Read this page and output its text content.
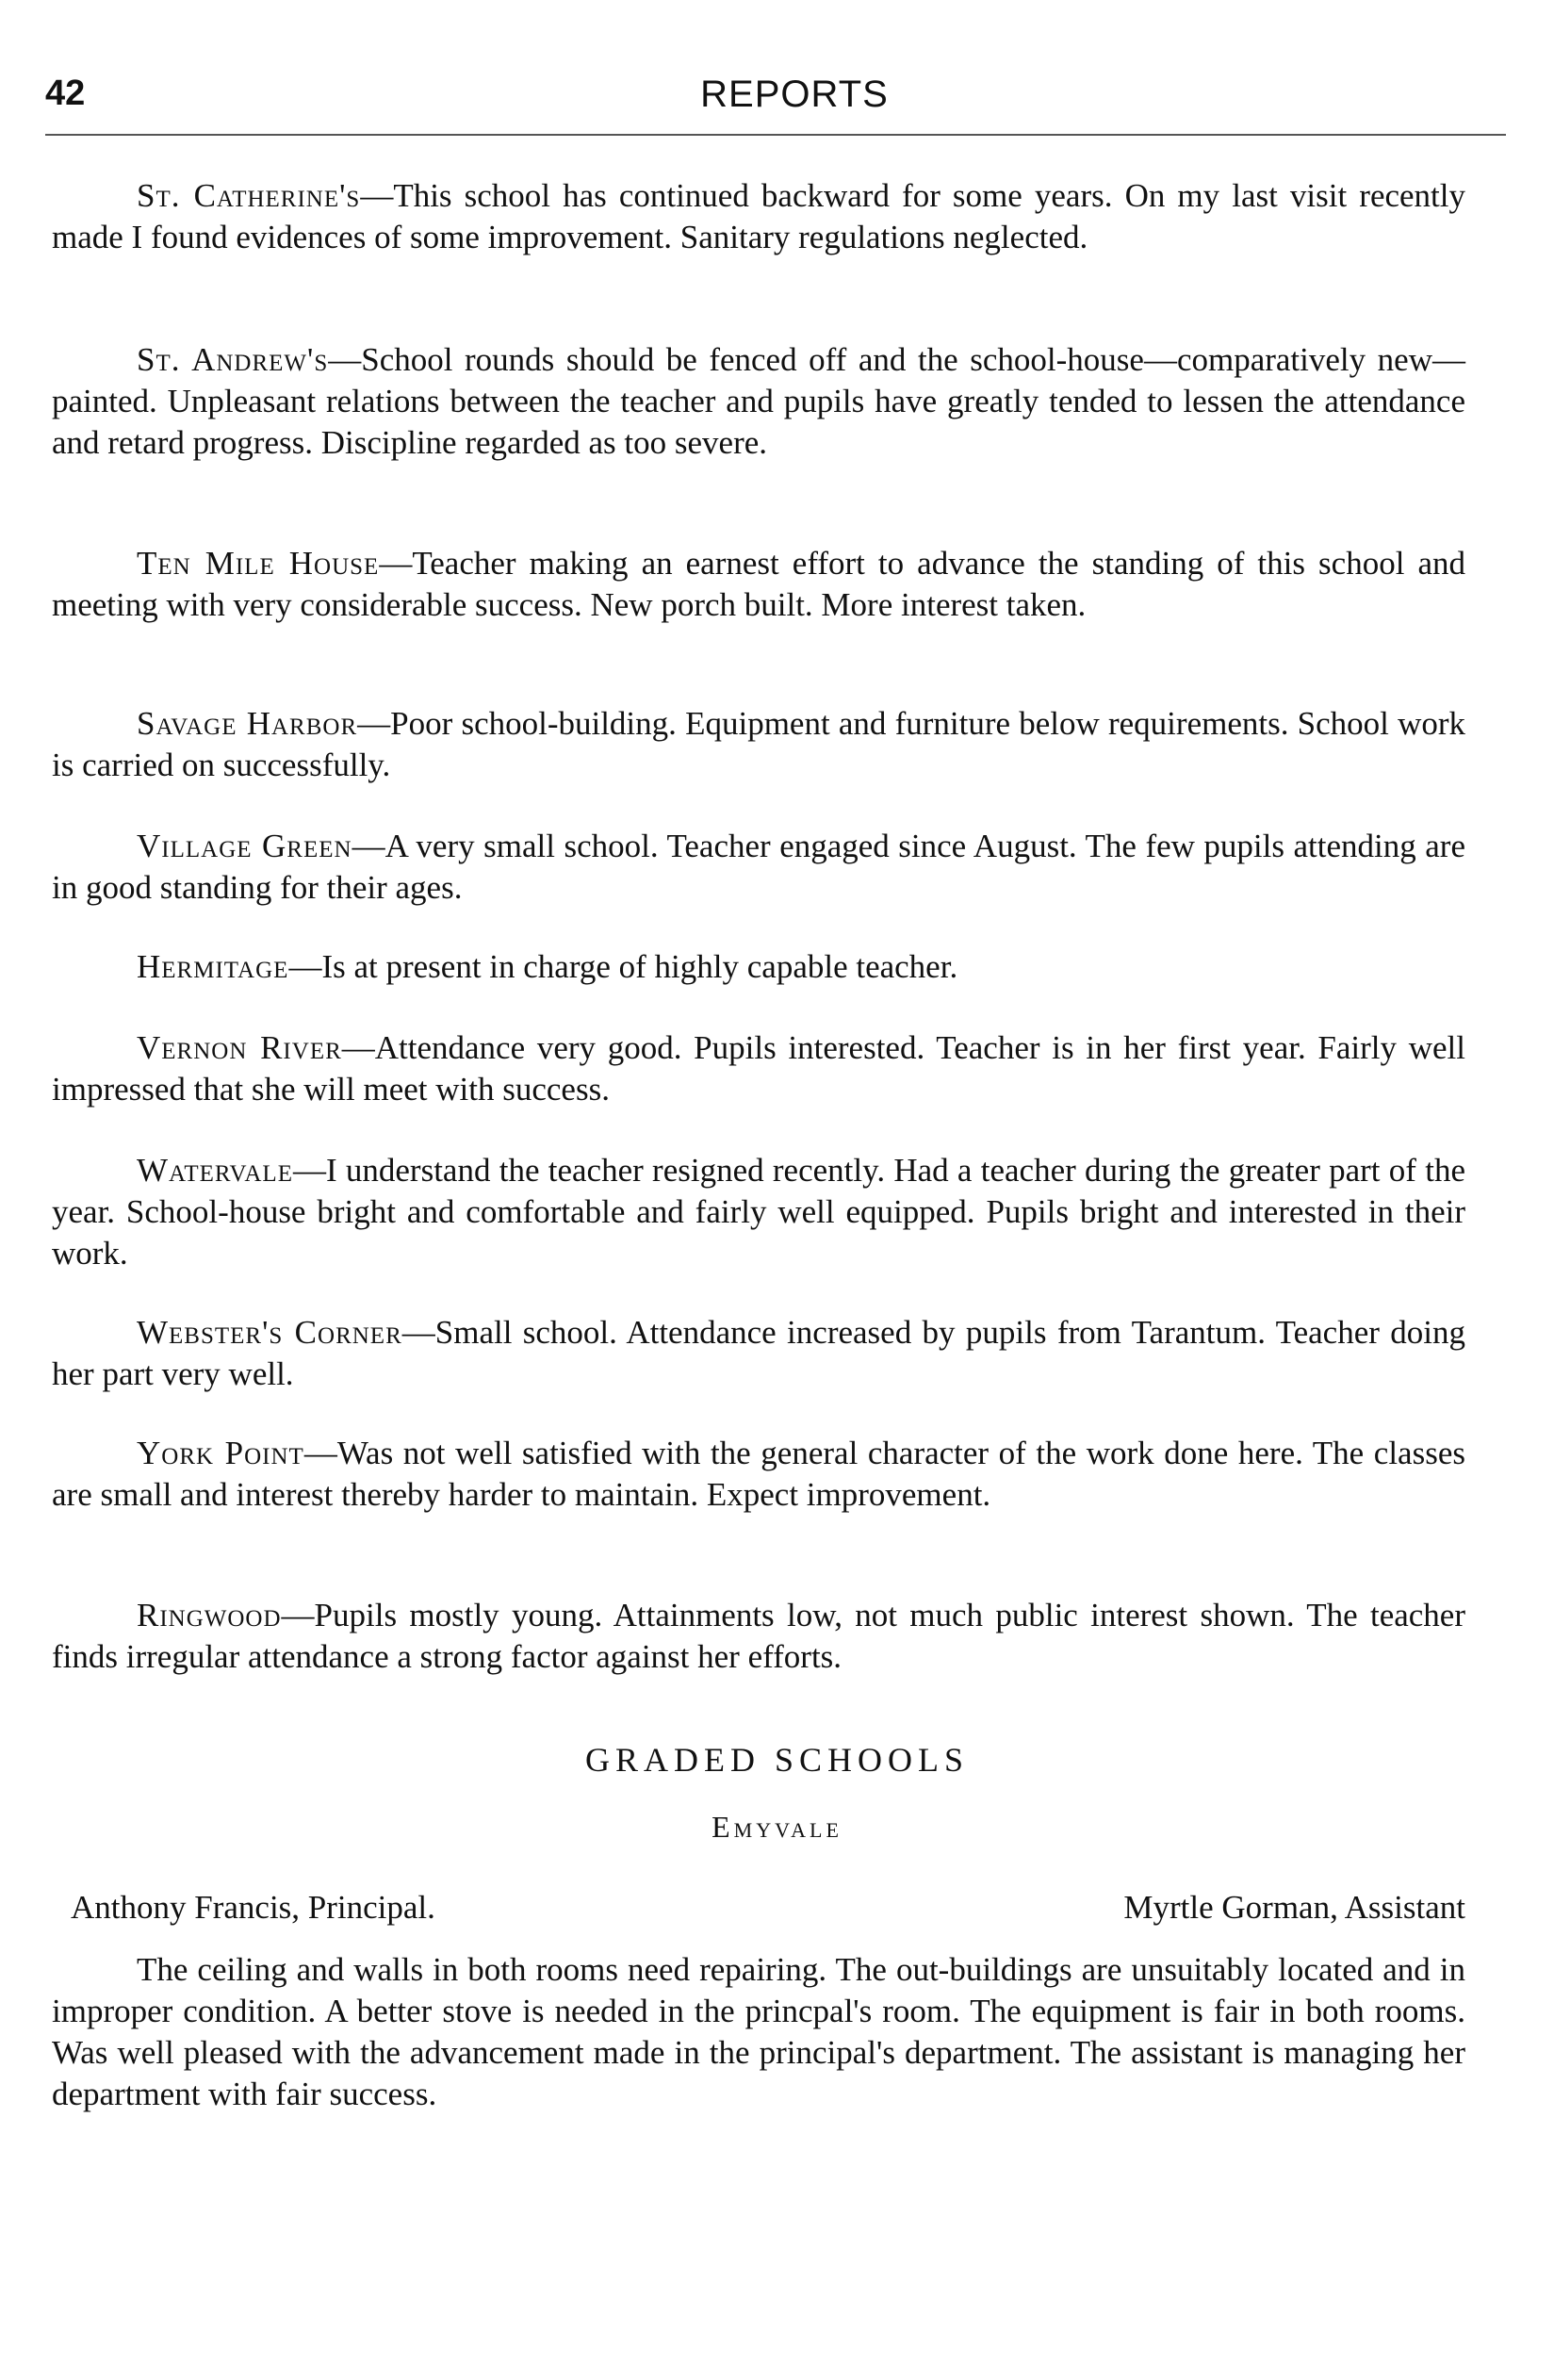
42	REPORTS

St. Catherine's—This school has continued backward for some years. On my last visit recently made I found evidences of some improvement. Sanitary regulations neglected.

St. Andrew's—School rounds should be fenced off and the school-house—comparatively new—painted. Unpleasant relations between the teacher and pupils have greatly tended to lessen the attendance and retard progress. Discipline regarded as too severe.

Ten Mile House—Teacher making an earnest effort to advance the standing of this school and meeting with very considerable success. New porch built. More interest taken.

Savage Harbor—Poor school-building. Equipment and furniture below requirements. School work is carried on successfully.

Village Green—A very small school. Teacher engaged since August. The few pupils attending are in good standing for their ages.

Hermitage—Is at present in charge of highly capable teacher.

Vernon River—Attendance very good. Pupils interested. Teacher is in her first year. Fairly well impressed that she will meet with success.

Watervale—I understand the teacher resigned recently. Had a teacher during the greater part of the year. School-house bright and comfortable and fairly well equipped. Pupils bright and interested in their work.

Webster's Corner—Small school. Attendance increased by pupils from Tarantum. Teacher doing her part very well.

York Point—Was not well satisfied with the general character of the work done here. The classes are small and interest thereby harder to maintain. Expect improvement.

Ringwood—Pupils mostly young. Attainments low, not much public interest shown. The teacher finds irregular attendance a strong factor against her efforts.

GRADED SCHOOLS
Emyvale
Anthony Francis, Principal.	Myrtle Gorman, Assistant

The ceiling and walls in both rooms need repairing. The out-buildings are unsuitably located and in improper condition. A better stove is needed in the princpal's room. The equipment is fair in both rooms. Was well pleased with the advancement made in the principal's department. The assistant is managing her department with fair success.
